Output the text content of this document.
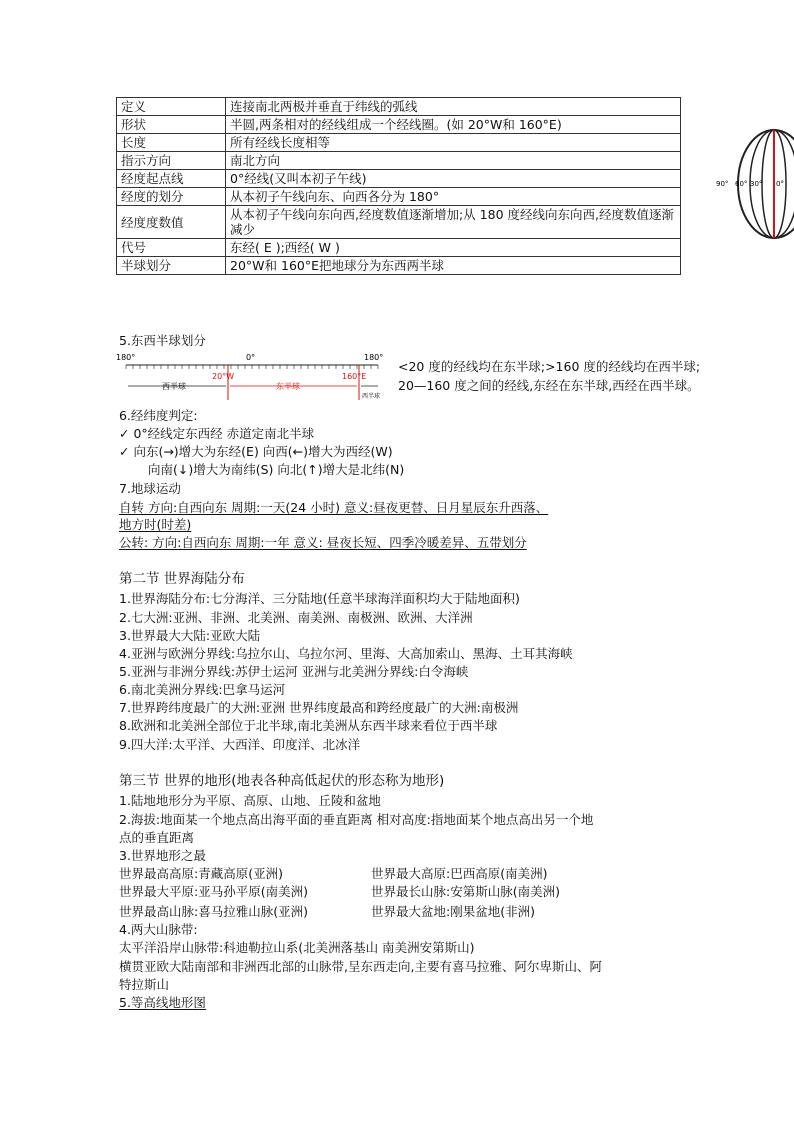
定义	连接南北两极并垂直于纬线的弧线
形状	半圆,两条相对的经线组成一个经线圈。(如 20°W和 160°E)
长度	所有经线长度相等
指示方向	南北方向
经度起点线	0°经线(又叫本初子午线)
经度的划分	从本初子午线向东、向西各分为 180°
经度度数值	从本初子午线向东向西,经度数值逐渐增加;从 180 度经线向东向西,经度数值逐渐减少
代号	东经( E );西经( W )
半球划分	20°W和 160°E把地球分为东西两半球
90° 60° 30° 0°
5.东西半球划分
180°	0°	180°
20°W	160°E
西半球	东半球
西半球
<20 度的经线均在东半球;>160 度的经线均在西半球;
20—160 度之间的经线,东经在东半球,西经在西半球。
6.经纬度判定:
✓ 0°经线定东西经 赤道定南北半球
✓ 向东(→)增大为东经(E) 向西(←)增大为西经(W)
向南(↓)增大为南纬(S) 向北(↑)增大是北纬(N)
7.地球运动
自转 方向:自西向东 周期:一天(24 小时) 意义:昼夜更替、日月星辰东升西落、
地方时(时差)
公转: 方向:自西向东 周期:一年 意义: 昼夜长短、四季冷暖差异、五带划分
第二节 世界海陆分布
1.世界海陆分布:七分海洋、三分陆地(任意半球海洋面积均大于陆地面积)
2.七大洲:亚洲、非洲、北美洲、南美洲、南极洲、欧洲、大洋洲
3.世界最大大陆:亚欧大陆
4.亚洲与欧洲分界线:乌拉尔山、乌拉尔河、里海、大高加索山、黑海、土耳其海峡
5.亚洲与非洲分界线:苏伊士运河 亚洲与北美洲分界线:白令海峡
6.南北美洲分界线:巴拿马运河
7.世界跨纬度最广的大洲:亚洲 世界纬度最高和跨经度最广的大洲:南极洲
8.欧洲和北美洲全部位于北半球,南北美洲从东西半球来看位于西半球
9.四大洋:太平洋、大西洋、印度洋、北冰洋
第三节 世界的地形(地表各种高低起伏的形态称为地形)
1.陆地地形分为平原、高原、山地、丘陵和盆地
2.海拔:地面某一个地点高出海平面的垂直距离 相对高度:指地面某个地点高出另一个地
点的垂直距离
3.世界地形之最
世界最高高原:青藏高原(亚洲)	世界最大高原:巴西高原(南美洲)
世界最大平原:亚马孙平原(南美洲)	世界最长山脉:安第斯山脉(南美洲)
世界最高山脉:喜马拉雅山脉(亚洲)	世界最大盆地:刚果盆地(非洲)
4.两大山脉带:
太平洋沿岸山脉带:科迪勒拉山系(北美洲落基山 南美洲安第斯山)
横贯亚欧大陆南部和非洲西北部的山脉带,呈东西走向,主要有喜马拉雅、阿尔卑斯山、阿
特拉斯山
5.等高线地形图
